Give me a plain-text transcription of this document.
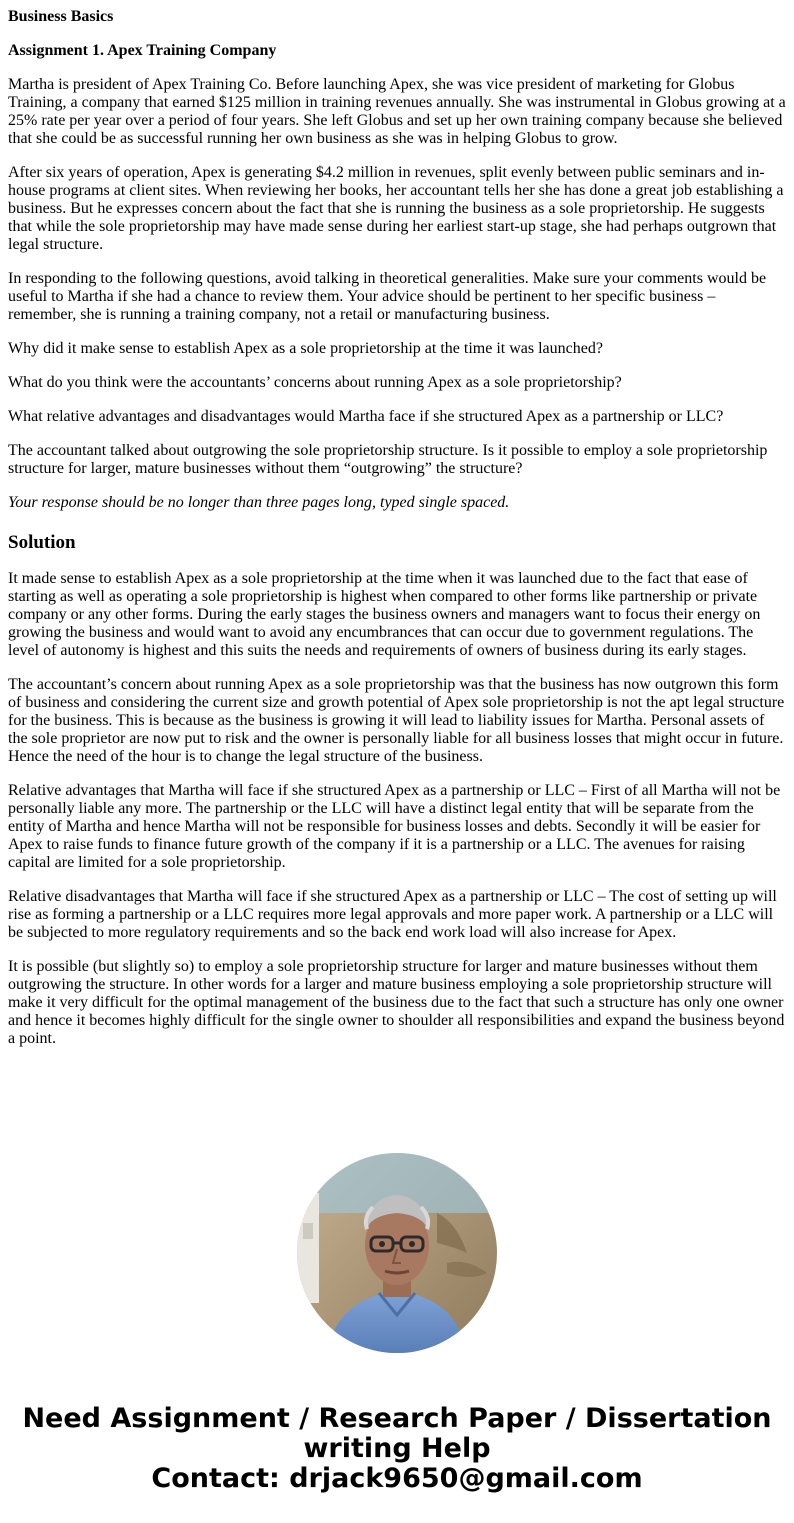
Business Basics

Assignment 1. Apex Training Company

Martha is president of Apex Training Co. Before launching Apex, she was vice president of marketing for Globus Training, a company that earned $125 million in training revenues annually. She was instrumental in Globus growing at a 25% rate per year over a period of four years. She left Globus and set up her own training company because she believed that she could be as successful running her own business as she was in helping Globus to grow.

After six years of operation, Apex is generating $4.2 million in revenues, split evenly between public seminars and in-house programs at client sites. When reviewing her books, her accountant tells her she has done a great job establishing a business. But he expresses concern about the fact that she is running the business as a sole proprietorship. He suggests that while the sole proprietorship may have made sense during her earliest start-up stage, she had perhaps outgrown that legal structure.

In responding to the following questions, avoid talking in theoretical generalities. Make sure your comments would be useful to Martha if she had a chance to review them. Your advice should be pertinent to her specific business – remember, she is running a training company, not a retail or manufacturing business.

Why did it make sense to establish Apex as a sole proprietorship at the time it was launched?

What do you think were the accountants’ concerns about running Apex as a sole proprietorship?

What relative advantages and disadvantages would Martha face if she structured Apex as a partnership or LLC?

The accountant talked about outgrowing the sole proprietorship structure. Is it possible to employ a sole proprietorship structure for larger, mature businesses without them “outgrowing” the structure?

Your response should be no longer than three pages long, typed single spaced.

Solution

It made sense to establish Apex as a sole proprietorship at the time when it was launched due to the fact that ease of starting as well as operating a sole proprietorship is highest when compared to other forms like partnership or private company or any other forms. During the early stages the business owners and managers want to focus their energy on growing the business and would want to avoid any encumbrances that can occur due to government regulations. The level of autonomy is highest and this suits the needs and requirements of owners of business during its early stages.

The accountant’s concern about running Apex as a sole proprietorship was that the business has now outgrown this form of business and considering the current size and growth potential of Apex sole proprietorship is not the apt legal structure for the business. This is because as the business is growing it will lead to liability issues for Martha. Personal assets of the sole proprietor are now put to risk and the owner is personally liable for all business losses that might occur in future. Hence the need of the hour is to change the legal structure of the business.

Relative advantages that Martha will face if she structured Apex as a partnership or LLC – First of all Martha will not be personally liable any more. The partnership or the LLC will have a distinct legal entity that will be separate from the entity of Martha and hence Martha will not be responsible for business losses and debts. Secondly it will be easier for Apex to raise funds to finance future growth of the company if it is a partnership or a LLC. The avenues for raising capital are limited for a sole proprietorship.

Relative disadvantages that Martha will face if she structured Apex as a partnership or LLC – The cost of setting up will rise as forming a partnership or a LLC requires more legal approvals and more paper work. A partnership or a LLC will be subjected to more regulatory requirements and so the back end work load will also increase for Apex.

It is possible (but slightly so) to employ a sole proprietorship structure for larger and mature businesses without them outgrowing the structure. In other words for a larger and mature business employing a sole proprietorship structure will make it very difficult for the optimal management of the business due to the fact that such a structure has only one owner and hence it becomes highly difficult for the single owner to shoulder all responsibilities and expand the business beyond a point.

Need Assignment / Research Paper / Dissertation
writing Help
Contact: drjack9650@gmail.com
